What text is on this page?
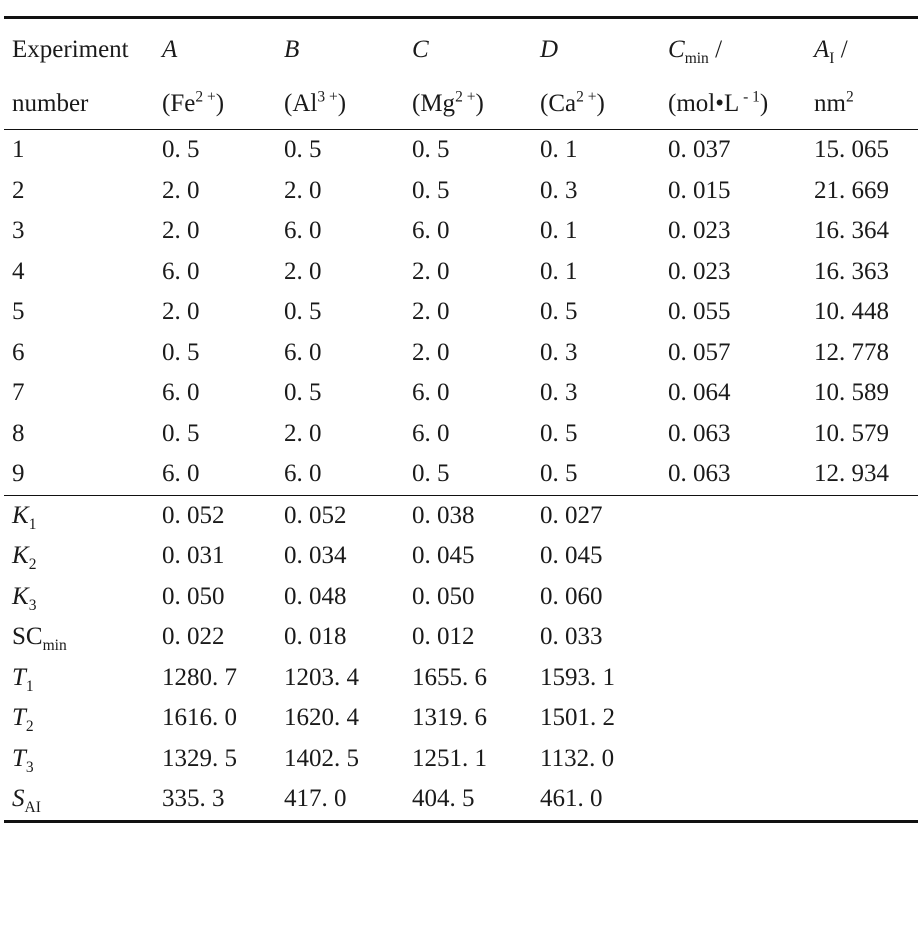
Experiment	A	B	C	D	$C_{min}$ /	$A_I$ /
number	$(Fe^{2 +})$	$(Al^{3 +})$	$(Mg^{2 +})$	$(Ca^{2 +})$	(mol•L $^{- 1}$)	$nm^2$
1	0. 5	0. 5	0. 5	0. 1	0. 037	15. 065
2	2. 0	2. 0	0. 5	0. 3	0. 015	21. 669
3	2. 0	6. 0	6. 0	0. 1	0. 023	16. 364
4	6. 0	2. 0	2. 0	0. 1	0. 023	16. 363
5	2. 0	0. 5	2. 0	0. 5	0. 055	10. 448
6	0. 5	6. 0	2. 0	0. 3	0. 057	12. 778
7	6. 0	0. 5	6. 0	0. 3	0. 064	10. 589
8	0. 5	2. 0	6. 0	0. 5	0. 063	10. 579
9	6. 0	6. 0	0. 5	0. 5	0. 063	12. 934
$K_1$	0. 052	0. 052	0. 038	0. 027		
$K_2$	0. 031	0. 034	0. 045	0. 045		
$K_3$	0. 050	0. 048	0. 050	0. 060		
$SC_{min}$	0. 022	0. 018	0. 012	0. 033		
$T_1$	1280. 7	1203. 4	1655. 6	1593. 1		
$T_2$	1616. 0	1620. 4	1319. 6	1501. 2		
$T_3$	1329. 5	1402. 5	1251. 1	1132. 0		
$S_{AI}$	335. 3	417. 0	404. 5	461. 0		
